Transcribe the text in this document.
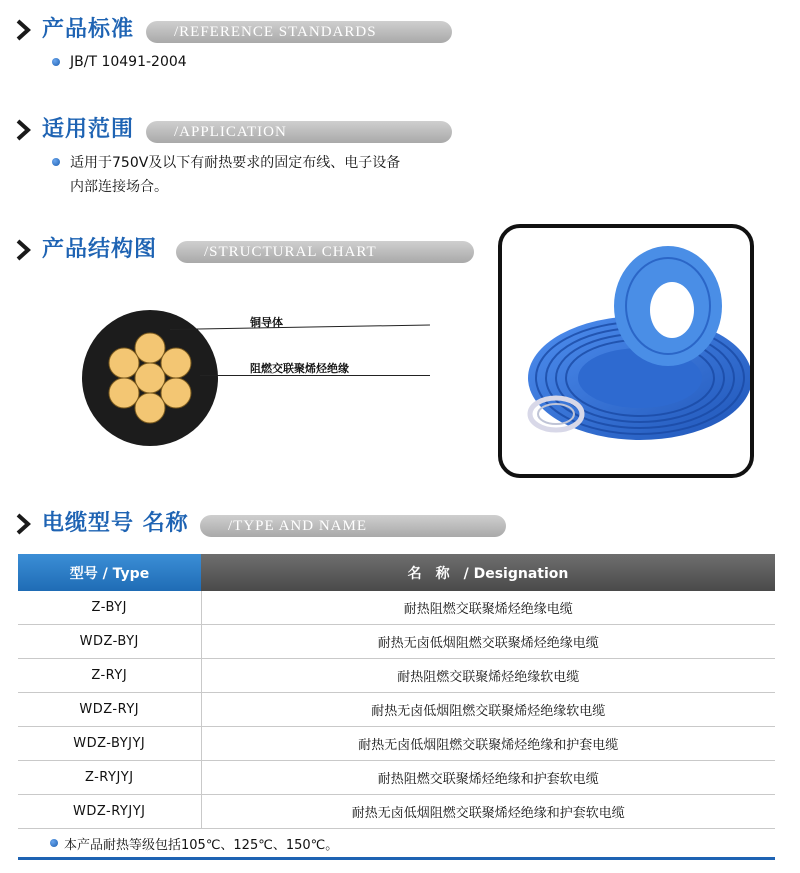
产品标准	/REFERENCE STANDARDS
JB/T 10491-2004
适用范围	/APPLICATION
适用于750V及以下有耐热要求的固定布线、电子设备
内部连接场合。
产品结构图	/STRUCTURAL CHART
铜导体
阻燃交联聚烯烃绝缘
电缆型号 名称	/TYPE AND NAME
型号 / Type	名　称　/ Designation
Z-BYJ	耐热阻燃交联聚烯烃绝缘电缆
WDZ-BYJ	耐热无卤低烟阻燃交联聚烯烃绝缘电缆
Z-RYJ	耐热阻燃交联聚烯烃绝缘软电缆
WDZ-RYJ	耐热无卤低烟阻燃交联聚烯烃绝缘软电缆
WDZ-BYJYJ	耐热无卤低烟阻燃交联聚烯烃绝缘和护套电缆
Z-RYJYJ	耐热阻燃交联聚烯烃绝缘和护套软电缆
WDZ-RYJYJ	耐热无卤低烟阻燃交联聚烯烃绝缘和护套软电缆
本产品耐热等级包括105℃、125℃、150℃。
